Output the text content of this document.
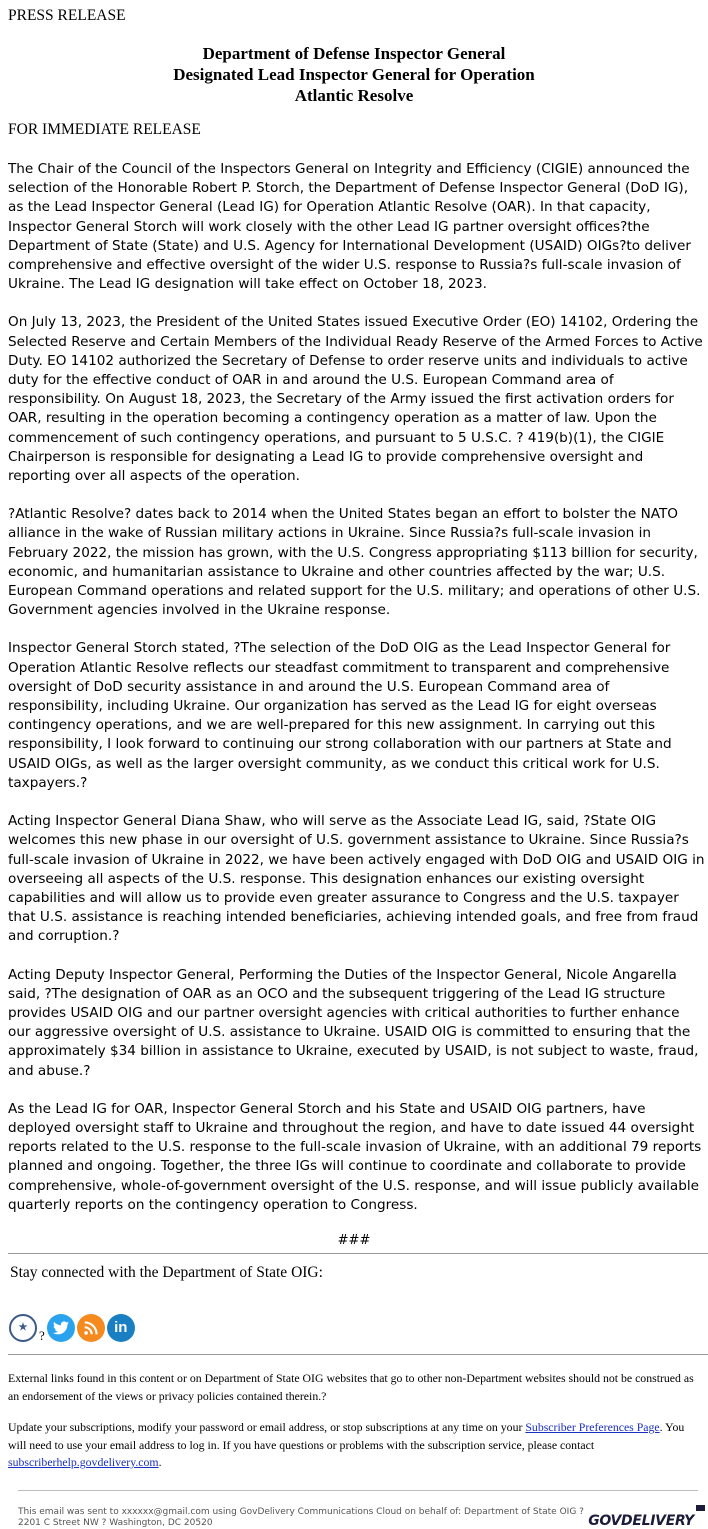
PRESS RELEASE
Department of Defense Inspector General
Designated Lead Inspector General for Operation
Atlantic Resolve
FOR IMMEDIATE RELEASE

The Chair of the Council of the Inspectors General on Integrity and Efficiency (CIGIE) announced the selection of the Honorable Robert P. Storch, the Department of Defense Inspector General (DoD IG), as the Lead Inspector General (Lead IG) for Operation Atlantic Resolve (OAR). In that capacity, Inspector General Storch will work closely with the other Lead IG partner oversight offices?the Department of State (State) and U.S. Agency for International Development (USAID) OIGs?to deliver comprehensive and effective oversight of the wider U.S. response to Russia?s full-scale invasion of Ukraine. The Lead IG designation will take effect on October 18, 2023.

On July 13, 2023, the President of the United States issued Executive Order (EO) 14102, Ordering the Selected Reserve and Certain Members of the Individual Ready Reserve of the Armed Forces to Active Duty. EO 14102 authorized the Secretary of Defense to order reserve units and individuals to active duty for the effective conduct of OAR in and around the U.S. European Command area of responsibility. On August 18, 2023, the Secretary of the Army issued the first activation orders for OAR, resulting in the operation becoming a contingency operation as a matter of law. Upon the commencement of such contingency operations, and pursuant to 5 U.S.C. ? 419(b)(1), the CIGIE Chairperson is responsible for designating a Lead IG to provide comprehensive oversight and reporting over all aspects of the operation.

?Atlantic Resolve? dates back to 2014 when the United States began an effort to bolster the NATO alliance in the wake of Russian military actions in Ukraine. Since Russia?s full-scale invasion in February 2022, the mission has grown, with the U.S. Congress appropriating $113 billion for security, economic, and humanitarian assistance to Ukraine and other countries affected by the war; U.S. European Command operations and related support for the U.S. military; and operations of other U.S. Government agencies involved in the Ukraine response.

Inspector General Storch stated, ?The selection of the DoD OIG as the Lead Inspector General for Operation Atlantic Resolve reflects our steadfast commitment to transparent and comprehensive oversight of DoD security assistance in and around the U.S. European Command area of responsibility, including Ukraine. Our organization has served as the Lead IG for eight overseas contingency operations, and we are well-prepared for this new assignment. In carrying out this responsibility, I look forward to continuing our strong collaboration with our partners at State and USAID OIGs, as well as the larger oversight community, as we conduct this critical work for U.S. taxpayers.?

Acting Inspector General Diana Shaw, who will serve as the Associate Lead IG, said, ?State OIG welcomes this new phase in our oversight of U.S. government assistance to Ukraine. Since Russia?s full-scale invasion of Ukraine in 2022, we have been actively engaged with DoD OIG and USAID OIG in overseeing all aspects of the U.S. response. This designation enhances our existing oversight capabilities and will allow us to provide even greater assurance to Congress and the U.S. taxpayer that U.S. assistance is reaching intended beneficiaries, achieving intended goals, and free from fraud and corruption.?

Acting Deputy Inspector General, Performing the Duties of the Inspector General, Nicole Angarella said, ?The designation of OAR as an OCO and the subsequent triggering of the Lead IG structure provides USAID OIG and our partner oversight agencies with critical authorities to further enhance our aggressive oversight of U.S. assistance to Ukraine. USAID OIG is committed to ensuring that the approximately $34 billion in assistance to Ukraine, executed by USAID, is not subject to waste, fraud, and abuse.?

As the Lead IG for OAR, Inspector General Storch and his State and USAID OIG partners, have deployed oversight staff to Ukraine and throughout the region, and have to date issued 44 oversight reports related to the U.S. response to the full-scale invasion of Ukraine, with an additional 79 reports planned and ongoing. Together, the three IGs will continue to coordinate and collaborate to provide comprehensive, whole-of-government oversight of the U.S. response, and will issue publicly available quarterly reports on the contingency operation to Congress.

###
Stay connected with the Department of State OIG:
★ ?	in

External links found in this content or on Department of State OIG websites that go to other non-Department websites should not be construed as an endorsement of the views or privacy policies contained therein.?

Update your subscriptions, modify your password or email address, or stop subscriptions at any time on your Subscriber Preferences Page. You will need to use your email address to log in. If you have questions or problems with the subscription service, please contact subscriberhelp.govdelivery.com.

This email was sent to xxxxxx@gmail.com using GovDelivery Communications Cloud on behalf of: Department of State OIG ?
2201 C Street NW ? Washington, DC 20520	GOVDELIVERY
